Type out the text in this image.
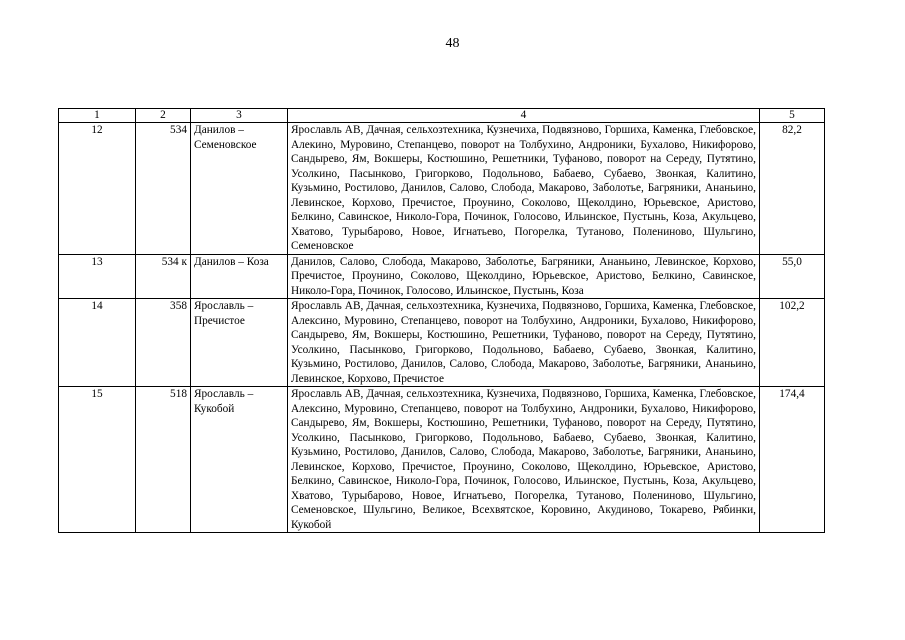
48
1	2	3	4	5
12	534	Данилов – Семеновское	Ярославль АВ, Дачная, сельхозтехника, Кузнечиха, Подвязново, Горшиха, Каменка, Глебовское, Алекино, Муровино, Степанцево, поворот на Толбухино, Андроники, Бухалово, Никифорово, Сандырево, Ям, Вокшеры, Костюшино, Решетники, Туфаново, поворот на Середу, Путятино, Усолкино, Пасынково, Григорково, Подольново, Бабаево, Субаево, Звонкая, Калитино, Кузьмино, Ростилово, Данилов, Салово, Слобода, Макарово, Заболотье, Багряники, Ананьино, Левинское, Корхово, Пречистое, Проунино, Соколово, Щеколдино, Юрьевское, Аристово, Белкино, Савинское, Николо-Гора, Починок, Голосово, Ильинское, Пустынь, Коза, Акульцево, Хватово, Турыбарово, Новое, Игнатьево, Погорелка, Тутаново, Полениново, Шульгино, Семеновское	82,2
13	534 к	Данилов – Коза	Данилов, Салово, Слобода, Макарово, Заболотье, Багряники, Ананьино, Левинское, Корхово, Пречистое, Проунино, Соколово, Щеколдино, Юрьевское, Аристово, Белкино, Савинское, Николо-Гора, Починок, Голосово, Ильинское, Пустынь, Коза	55,0
14	358	Ярославль – Пречистое	Ярославль АВ, Дачная, сельхозтехника, Кузнечиха, Подвязново, Горшиха, Каменка, Глебовское, Алексино, Муровино, Степанцево, поворот на Толбухино, Андроники, Бухалово, Никифорово, Сандырево, Ям, Вокшеры, Костюшино, Решетники, Туфаново, поворот на Середу, Путятино, Усолкино, Пасынково, Григорково, Подольново, Бабаево, Субаево, Звонкая, Калитино, Кузьмино, Ростилово, Данилов, Салово, Слобода, Макарово, Заболотье, Багряники, Ананьино, Левинское, Корхово, Пречистое	102,2
15	518	Ярославль – Кукобой	Ярославль АВ, Дачная, сельхозтехника, Кузнечиха, Подвязново, Горшиха, Каменка, Глебовское, Алексино, Муровино, Степанцево, поворот на Толбухино, Андроники, Бухалово, Никифорово, Сандырево, Ям, Вокшеры, Костюшино, Решетники, Туфаново, поворот на Середу, Путятино, Усолкино, Пасынково, Григорково, Подольново, Бабаево, Субаево, Звонкая, Калитино, Кузьмино, Ростилово, Данилов, Салово, Слобода, Макарово, Заболотье, Багряники, Ананьино, Левинское, Корхово, Пречистое, Проунино, Соколово, Щеколдино, Юрьевское, Аристово, Белкино, Савинское, Николо-Гора, Починок, Голосово, Ильинское, Пустынь, Коза, Акульцево, Хватово, Турыбарово, Новое, Игнатьево, Погорелка, Тутаново, Полениново, Шульгино, Семеновское, Шульгино, Великое, Всехвятское, Коровино, Акудиново, Токарево, Рябинки, Кукобой	174,4
